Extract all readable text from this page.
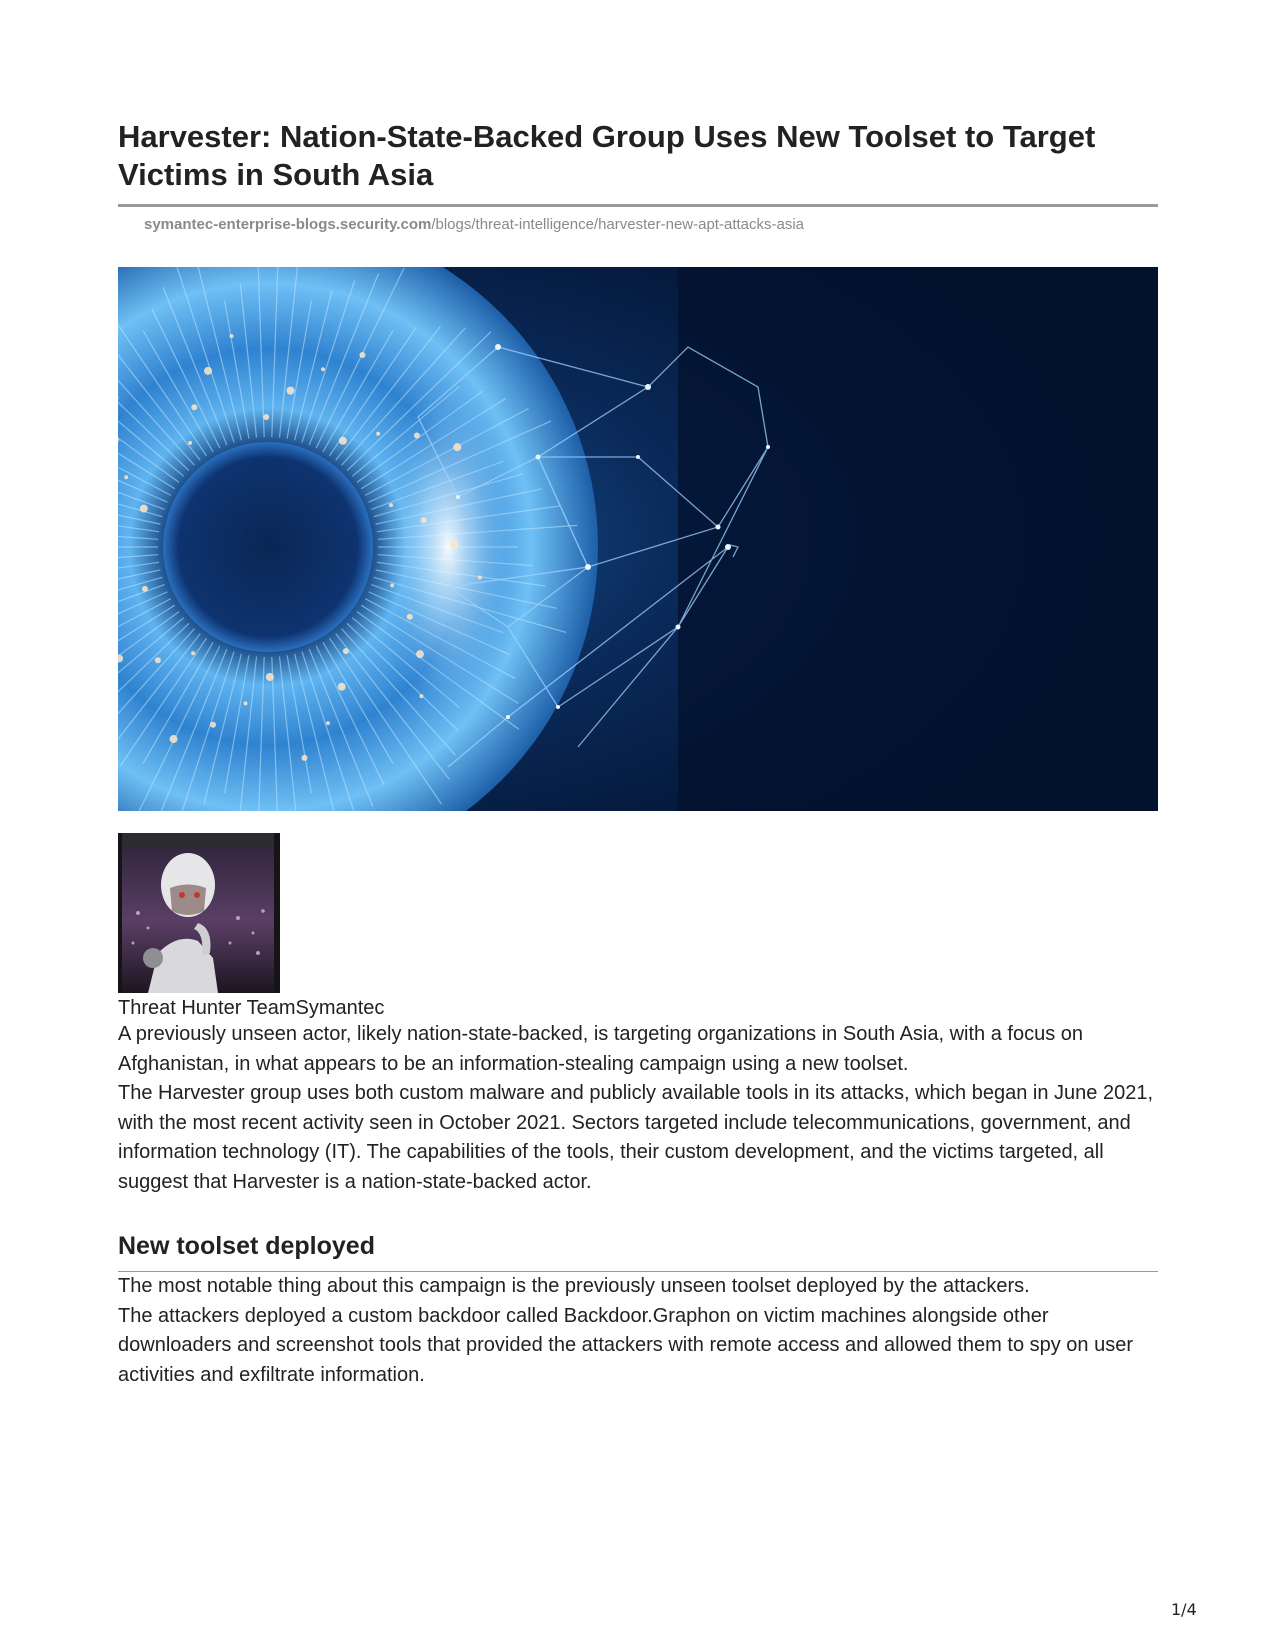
Harvester: Nation-State-Backed Group Uses New Toolset to Target Victims in South Asia
symantec-enterprise-blogs.security.com/blogs/threat-intelligence/harvester-new-apt-attacks-asia
Threat Hunter TeamSymantec

A previously unseen actor, likely nation-state-backed, is targeting organizations in South Asia, with a focus on Afghanistan, in what appears to be an information-stealing campaign using a new toolset.

The Harvester group uses both custom malware and publicly available tools in its attacks, which began in June 2021, with the most recent activity seen in October 2021. Sectors targeted include telecommunications, government, and information technology (IT). The capabilities of the tools, their custom development, and the victims targeted, all suggest that Harvester is a nation-state-backed actor.

New toolset deployed

The most notable thing about this campaign is the previously unseen toolset deployed by the attackers.

The attackers deployed a custom backdoor called Backdoor.Graphon on victim machines alongside other downloaders and screenshot tools that provided the attackers with remote access and allowed them to spy on user activities and exfiltrate information.

1/4
